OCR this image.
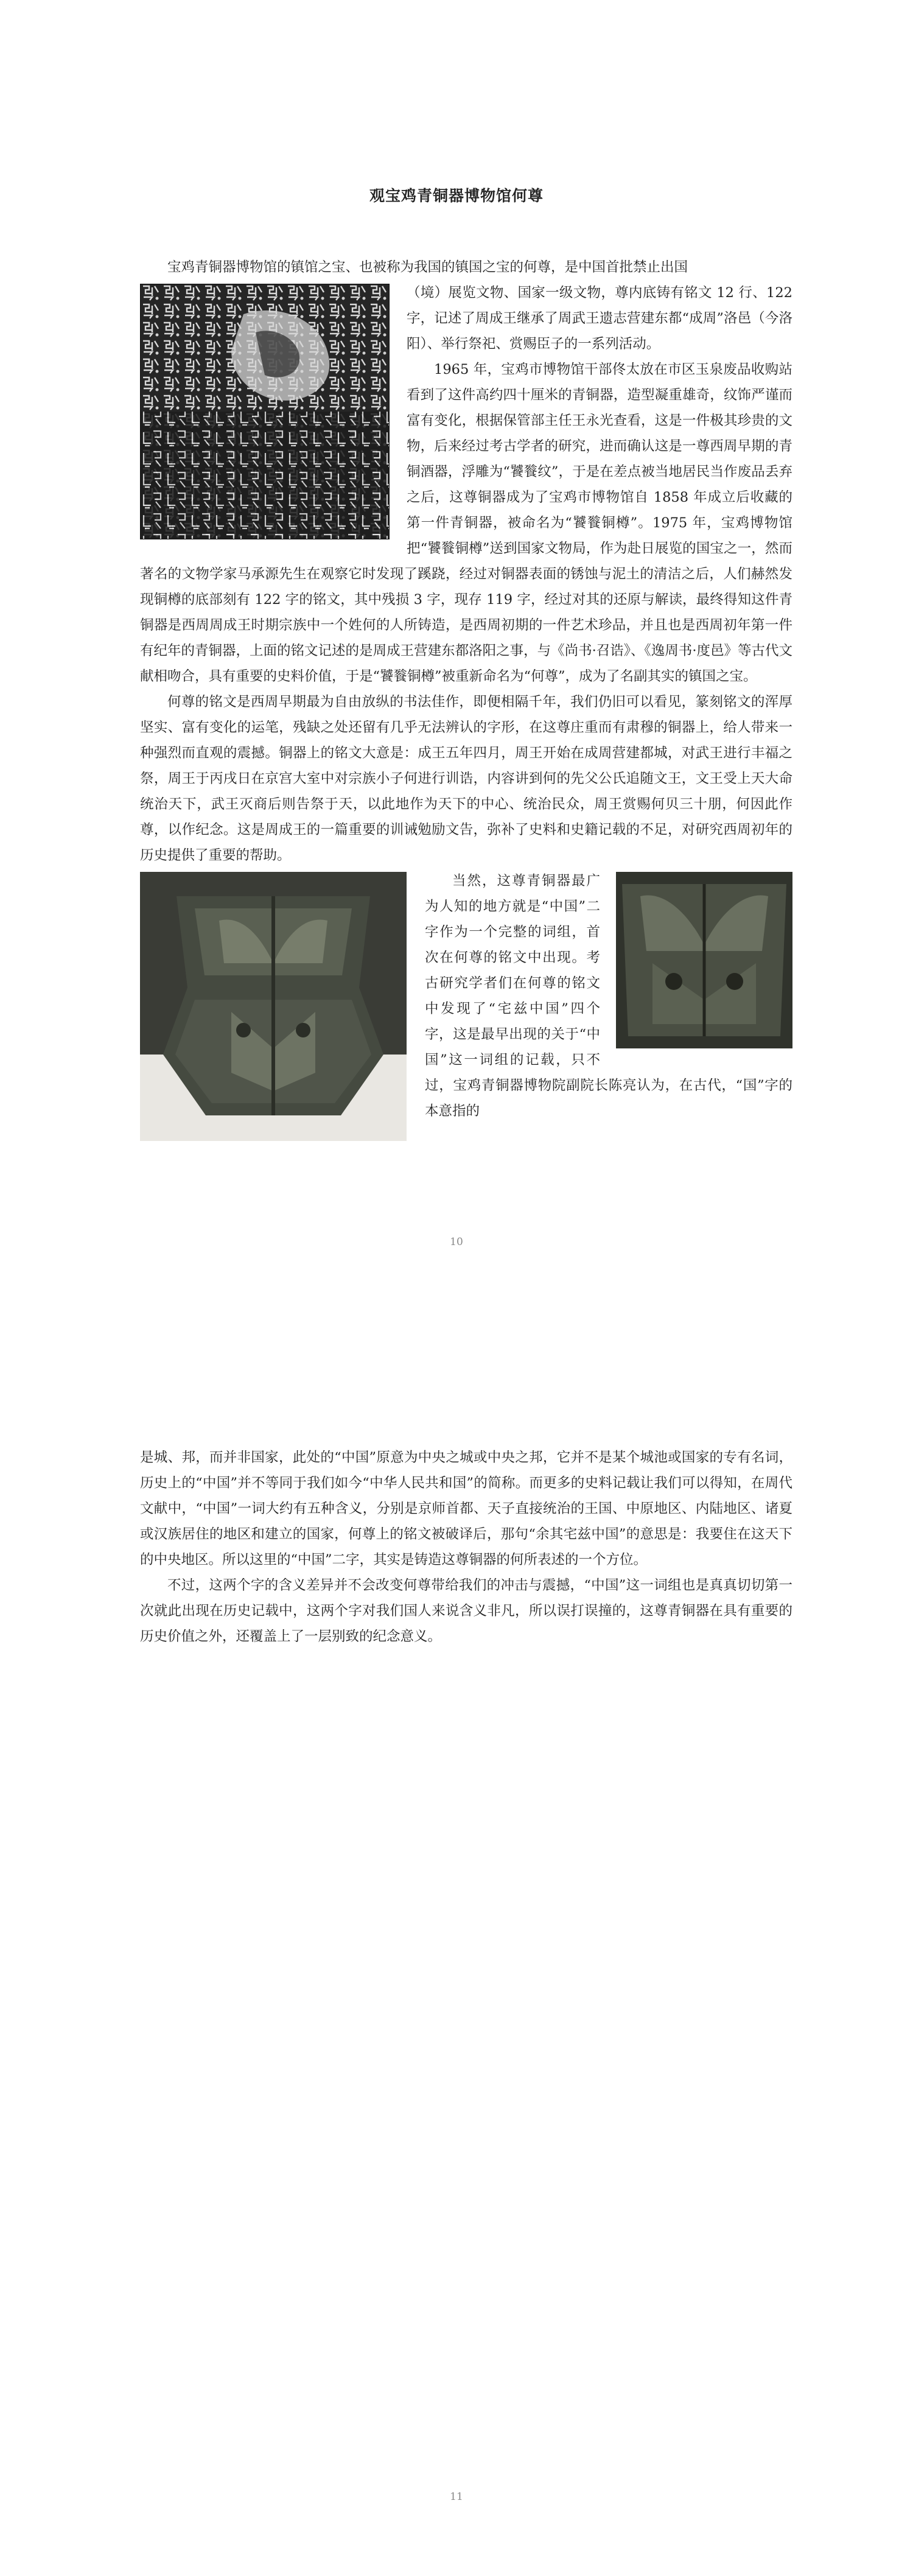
观宝鸡青铜器博物馆何尊

宝鸡青铜器博物馆的镇馆之宝、也被称为我国的镇国之宝的何尊，是中国首批禁止出国

（境）展览文物、国家一级文物，尊内底铸有铭文 12 行、122 字，记述了周成王继承了周武王遗志营建东都“成周”洛邑（今洛阳）、举行祭祀、赏赐臣子的一系列活动。

1965 年，宝鸡市博物馆干部佟太放在市区玉泉废品收购站看到了这件高约四十厘米的青铜器，造型凝重雄奇，纹饰严谨而富有变化，根据保管部主任王永光查看，这是一件极其珍贵的文物，后来经过考古学者的研究，进而确认这是一尊西周早期的青铜酒器，浮雕为“饕餮纹”，于是在差点被当地居民当作废品丢弃之后，这尊铜器成为了宝鸡市博物馆自 1858 年成立后收藏的第一件青铜器，被命名为“饕餮铜樽”。1975 年，宝鸡博物馆把“饕餮铜樽”送到国家文物局，作为赴日展览的国宝之一，然而著名的文物学家马承源先生在观察它时发现了蹊跷，经过对铜器表面的锈蚀与泥土的清洁之后，人们赫然发现铜樽的底部刻有 122 字的铭文，其中残损 3 字，现存 119 字，经过对其的还原与解读，最终得知这件青铜器是西周周成王时期宗族中一个姓何的人所铸造，是西周初期的一件艺术珍品，并且也是西周初年第一件有纪年的青铜器，上面的铭文记述的是周成王营建东都洛阳之事，与《尚书·召诰》、《逸周书·度邑》等古代文献相吻合，具有重要的史料价值，于是“饕餮铜樽”被重新命名为“何尊”，成为了名副其实的镇国之宝。

何尊的铭文是西周早期最为自由放纵的书法佳作，即便相隔千年，我们仍旧可以看见，篆刻铭文的浑厚坚实、富有变化的运笔，残缺之处还留有几乎无法辨认的字形，在这尊庄重而有肃穆的铜器上，给人带来一种强烈而直观的震撼。铜器上的铭文大意是：成王五年四月，周王开始在成周营建都城，对武王进行丰福之祭，周王于丙戌日在京宫大室中对宗族小子何进行训诰，内容讲到何的先父公氏追随文王，文王受上天大命统治天下，武王灭商后则告祭于天，以此地作为天下的中心、统治民众，周王赏赐何贝三十朋，何因此作尊，以作纪念。这是周成王的一篇重要的训诫勉励文告，弥补了史料和史籍记载的不足，对研究西周初年的历史提供了重要的帮助。

当然，这尊青铜器最广为人知的地方就是“中国”二字作为一个完整的词组，首次在何尊的铭文中出现。考古研究学者们在何尊的铭文中发现了“宅兹中国”四个字，这是最早出现的关于“中国”这一词组的记载，只不过，宝鸡青铜器博物院副院长陈亮认为，在古代，“国”字的本意指的

10

是城、邦，而并非国家，此处的“中国”原意为中央之城或中央之邦，它并不是某个城池或国家的专有名词，历史上的“中国”并不等同于我们如今“中华人民共和国”的简称。而更多的史料记载让我们可以得知，在周代文献中，“中国”一词大约有五种含义，分别是京师首都、天子直接统治的王国、中原地区、内陆地区、诸夏或汉族居住的地区和建立的国家，何尊上的铭文被破译后，那句“余其宅兹中国”的意思是：我要住在这天下的中央地区。所以这里的“中国”二字，其实是铸造这尊铜器的何所表述的一个方位。

不过，这两个字的含义差异并不会改变何尊带给我们的冲击与震撼，“中国”这一词组也是真真切切第一次就此出现在历史记载中，这两个字对我们国人来说含义非凡，所以误打误撞的，这尊青铜器在具有重要的历史价值之外，还覆盖上了一层别致的纪念意义。

11
